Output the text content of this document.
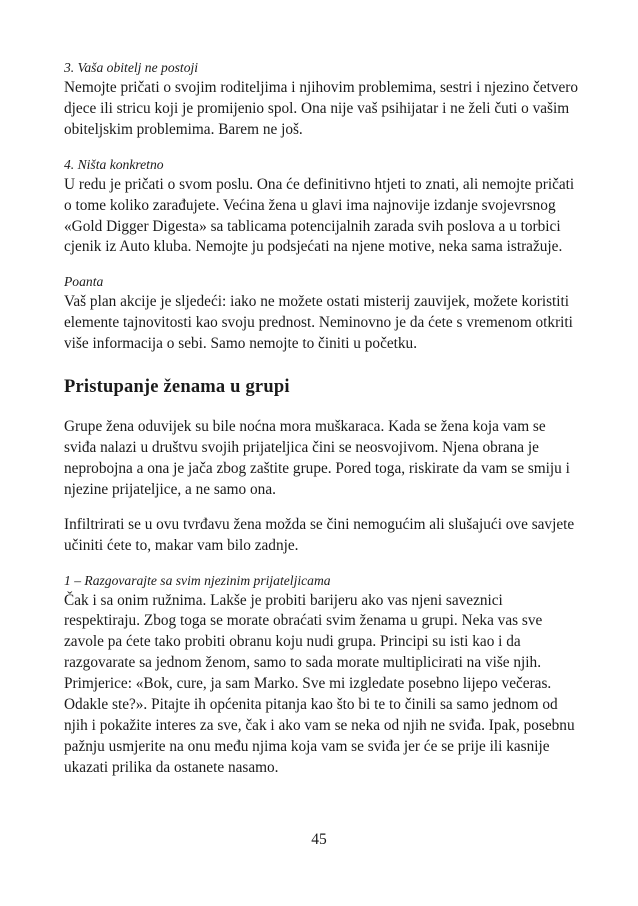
3. Vaša obitelj ne postoji

Nemojte pričati o svojim roditeljima i njihovim problemima, sestri i njezino četvero djece ili stricu koji je promijenio spol. Ona nije vaš psihijatar i ne želi čuti o vašim obiteljskim problemima. Barem ne još.

4. Ništa konkretno

U redu je pričati o svom poslu. Ona će definitivno htjeti to znati, ali nemojte pričati o tome koliko zarađujete. Većina žena u glavi ima najnovije izdanje svojevrsnog «Gold Digger Digesta» sa tablicama potencijalnih zarada svih poslova a u torbici cjenik iz Auto kluba. Nemojte ju podsjećati na njene motive, neka sama istražuje.

Poanta

Vaš plan akcije je sljedeći: iako ne možete ostati misterij zauvijek, možete koristiti elemente tajnovitosti kao svoju prednost. Neminovno je da ćete s vremenom otkriti više informacija o sebi. Samo nemojte to činiti u početku.

Pristupanje ženama u grupi

Grupe žena oduvijek su bile noćna mora muškaraca. Kada se žena koja vam se sviđa nalazi u društvu svojih prijateljica čini se neosvojivom. Njena obrana je neprobojna a ona je jača zbog zaštite grupe. Pored toga, riskirate da vam se smiju i njezine prijateljice, a ne samo ona.

Infiltrirati se u ovu tvrđavu žena možda se čini nemogućim ali slušajući ove savjete učiniti ćete to, makar vam bilo zadnje.

1 – Razgovarajte sa svim njezinim prijateljicama

Čak i sa onim ružnima. Lakše je probiti barijeru ako vas njeni saveznici respektiraju. Zbog toga se morate obraćati svim ženama u grupi. Neka vas sve zavole pa ćete tako probiti obranu koju nudi grupa. Principi su isti kao i da razgovarate sa jednom ženom, samo to sada morate multiplicirati na više njih. Primjerice: «Bok, cure, ja sam Marko. Sve mi izgledate posebno lijepo večeras. Odakle ste?». Pitajte ih općenita pitanja kao što bi te to činili sa samo jednom od njih i pokažite interes za sve, čak i ako vam se neka od njih ne sviđa. Ipak, posebnu pažnju usmjerite na onu među njima koja vam se sviđa jer će se prije ili kasnije ukazati prilika da ostanete nasamo.

45
